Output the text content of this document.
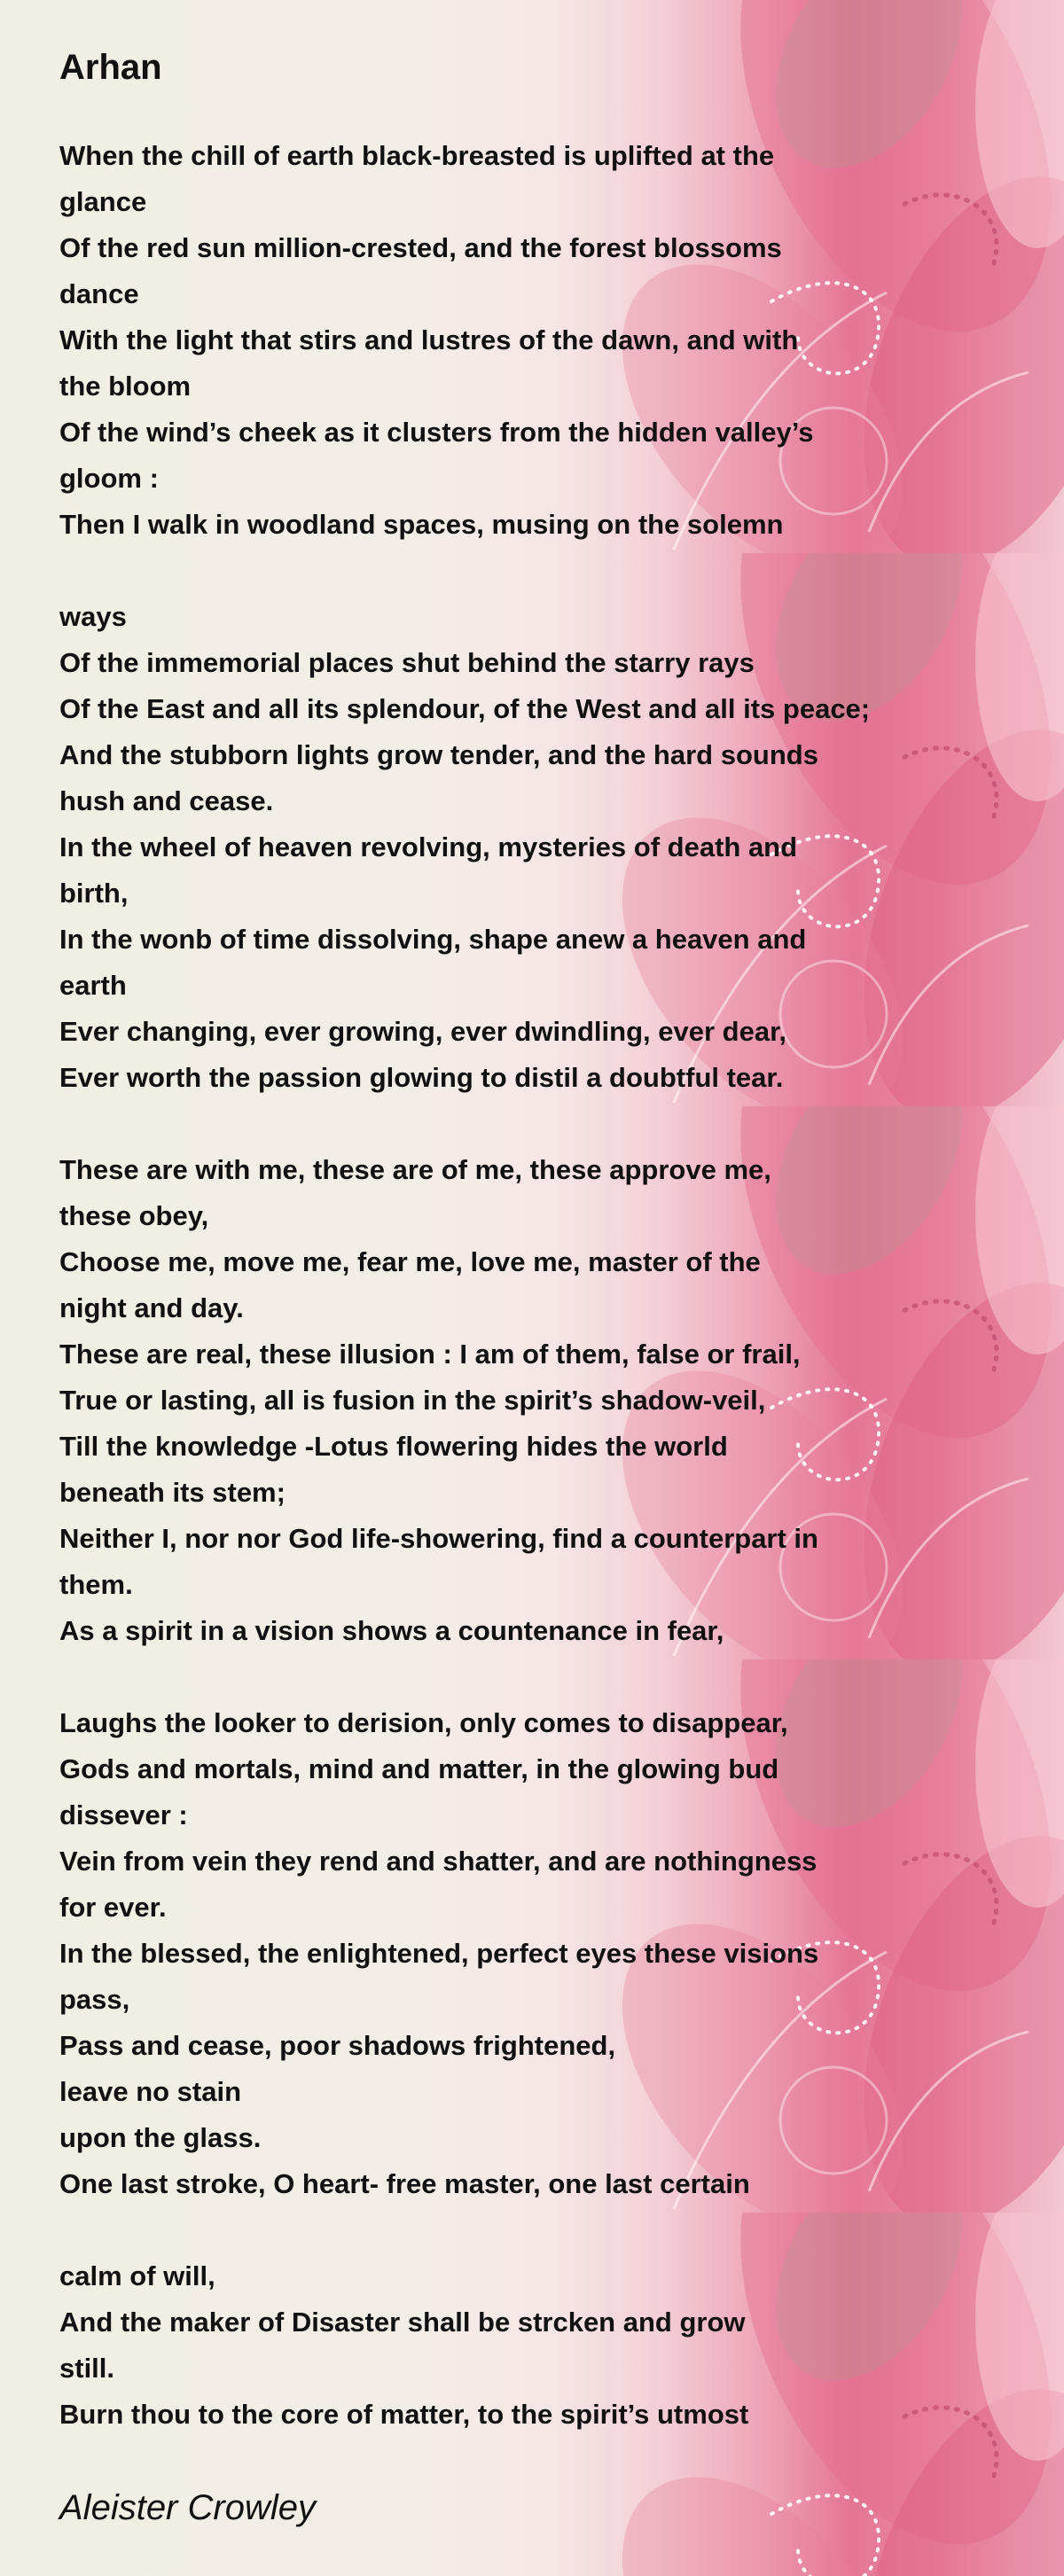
Arhan
When the chill of earth black-breasted is uplifted at the
glance
Of the red sun million-crested, and the forest blossoms
dance
With the light that stirs and lustres of the dawn, and with
the bloom
Of the wind’s cheek as it clusters from the hidden valley’s
gloom :
Then I walk in woodland spaces, musing on the solemn
ways
Of the immemorial places shut behind the starry rays
Of the East and all its splendour, of the West and all its peace;
And the stubborn lights grow tender, and the hard sounds
hush and cease.
In the wheel of heaven revolving, mysteries of death and
birth,
In the wonb of time dissolving, shape anew a heaven and
earth
Ever changing, ever growing, ever dwindling, ever dear,
Ever worth the passion glowing to distil a doubtful tear.
These are with me, these are of me, these approve me,
these obey,
Choose me, move me, fear me, love me, master of the
night and day.
These are real, these illusion : I am of them, false or frail,
True or lasting, all is fusion in the spirit’s shadow-veil,
Till the knowledge -Lotus flowering hides the world
beneath its stem;
Neither I, nor nor God life-showering, find a counterpart in
them.
As a spirit in a vision shows a countenance in fear,
Laughs the looker to derision, only comes to disappear,
Gods and mortals, mind and matter, in the glowing bud
dissever :
Vein from vein they rend and shatter, and are nothingness
for ever.
In the blessed, the enlightened, perfect eyes these visions
pass,
Pass and cease, poor shadows frightened,
leave no stain
upon the glass.
One last stroke, O heart- free master, one last certain
calm of will,
And the maker of Disaster shall be strcken and grow
still.
Burn thou to the core of matter, to the spirit’s utmost
Aleister Crowley
